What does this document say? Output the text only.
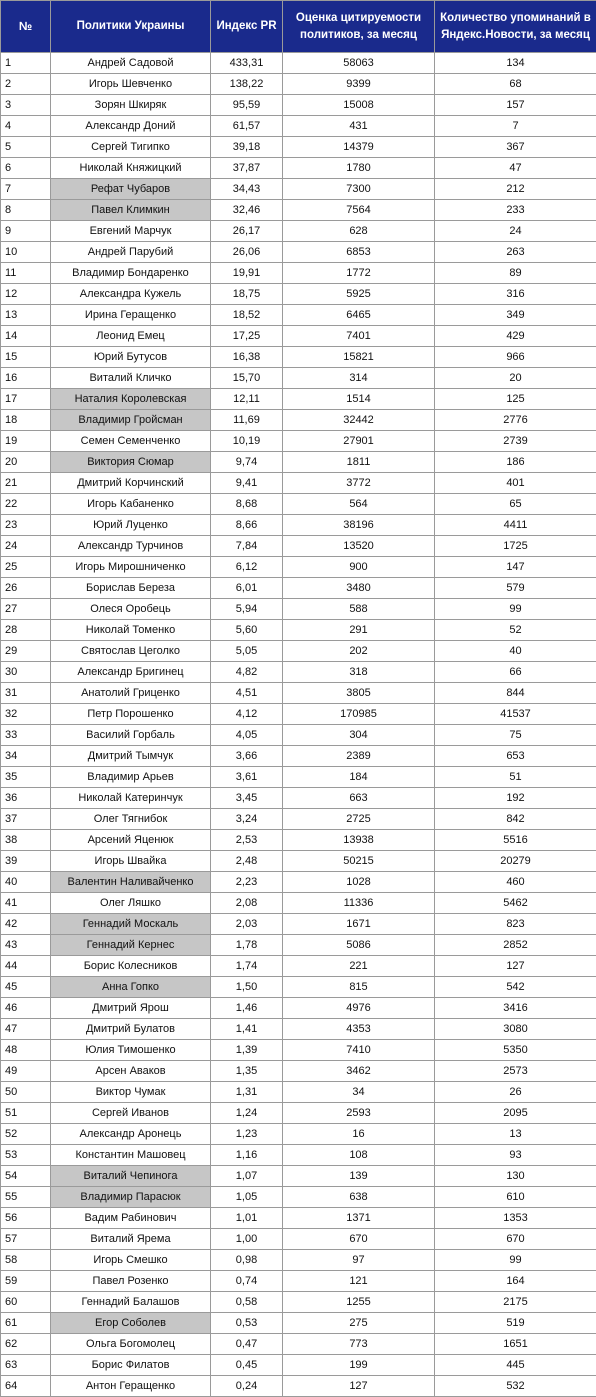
№	Политики Украины	Индекс PR	Оценка цитируемости политиков, за месяц	Количество упоминаний в Яндекс.Новости, за месяц
1	Андрей Садовой	433,31	58063	134
2	Игорь Шевченко	138,22	9399	68
3	Зорян Шкиряк	95,59	15008	157
4	Александр Доний	61,57	431	7
5	Сергей Тигипко	39,18	14379	367
6	Николай Княжицкий	37,87	1780	47
7	Рефат Чубаров	34,43	7300	212
8	Павел Климкин	32,46	7564	233
9	Евгений Марчук	26,17	628	24
10	Андрей Парубий	26,06	6853	263
11	Владимир Бондаренко	19,91	1772	89
12	Александра Кужель	18,75	5925	316
13	Ирина Геращенко	18,52	6465	349
14	Леонид Емец	17,25	7401	429
15	Юрий Бутусов	16,38	15821	966
16	Виталий Кличко	15,70	314	20
17	Наталия Королевская	12,11	1514	125
18	Владимир Гройсман	11,69	32442	2776
19	Семен Семенченко	10,19	27901	2739
20	Виктория Сюмар	9,74	1811	186
21	Дмитрий Корчинский	9,41	3772	401
22	Игорь Кабаненко	8,68	564	65
23	Юрий Луценко	8,66	38196	4411
24	Александр Турчинов	7,84	13520	1725
25	Игорь Мирошниченко	6,12	900	147
26	Борислав Береза	6,01	3480	579
27	Олеся Оробець	5,94	588	99
28	Николай Томенко	5,60	291	52
29	Святослав Цеголко	5,05	202	40
30	Александр Бригинец	4,82	318	66
31	Анатолий Гриценко	4,51	3805	844
32	Петр Порошенко	4,12	170985	41537
33	Василий Горбаль	4,05	304	75
34	Дмитрий Тымчук	3,66	2389	653
35	Владимир Арьев	3,61	184	51
36	Николай Катеринчук	3,45	663	192
37	Олег Тягнибок	3,24	2725	842
38	Арсений Яценюк	2,53	13938	5516
39	Игорь Швайка	2,48	50215	20279
40	Валентин Наливайченко	2,23	1028	460
41	Олег Ляшко	2,08	11336	5462
42	Геннадий Москаль	2,03	1671	823
43	Геннадий Кернес	1,78	5086	2852
44	Борис Колесников	1,74	221	127
45	Анна Гопко	1,50	815	542
46	Дмитрий Ярош	1,46	4976	3416
47	Дмитрий Булатов	1,41	4353	3080
48	Юлия Тимошенко	1,39	7410	5350
49	Арсен Аваков	1,35	3462	2573
50	Виктор Чумак	1,31	34	26
51	Сергей Иванов	1,24	2593	2095
52	Александр Аронець	1,23	16	13
53	Константин Машовец	1,16	108	93
54	Виталий Чепинога	1,07	139	130
55	Владимир Парасюк	1,05	638	610
56	Вадим Рабинович	1,01	1371	1353
57	Виталий Ярема	1,00	670	670
58	Игорь Смешко	0,98	97	99
59	Павел Розенко	0,74	121	164
60	Геннадий Балашов	0,58	1255	2175
61	Егор Соболев	0,53	275	519
62	Ольга Богомолец	0,47	773	1651
63	Борис Филатов	0,45	199	445
64	Антон Геращенко	0,24	127	532
